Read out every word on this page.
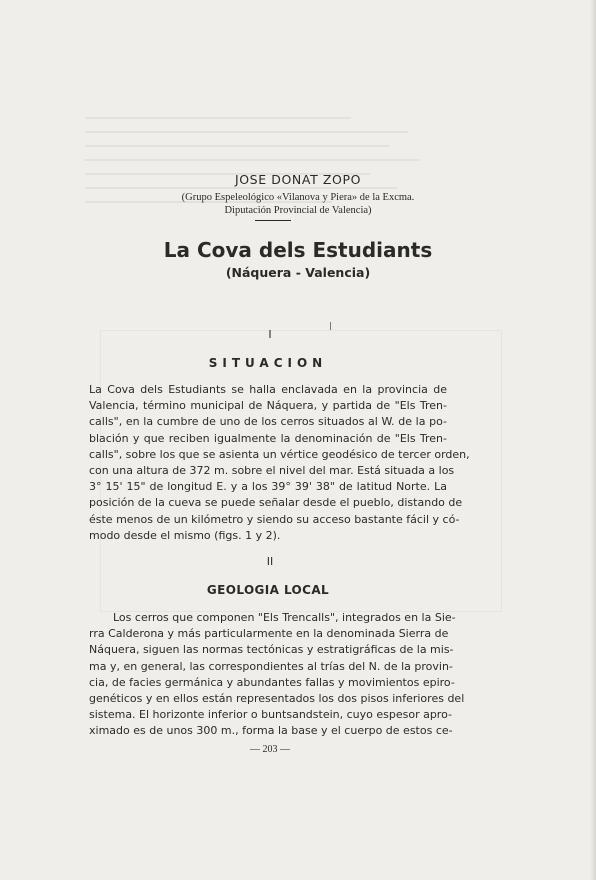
JOSE DONAT ZOPO

(Grupo Espeleológico «Vilanova y Piera» de la Excma.

Diputación Provincial de Valencia)

La Cova dels Estudiants
(Náquera - Valencia)

I

SITUACION
La Cova dels Estudiants se halla enclavada en la provincia de
Valencia, término municipal de Náquera, y partida de "Els Tren-
calls", en la cumbre de uno de los cerros situados al W. de la po-
blación y que reciben igualmente la denominación de "Els Tren-
calls", sobre los que se asienta un vértice geodésico de tercer orden,
con una altura de 372 m. sobre el nivel del mar. Está situada a los
3° 15' 15" de longitud E. y a los 39° 39' 38" de latitud Norte. La
posición de la cueva se puede señalar desde el pueblo, distando de
éste menos de un kilómetro y siendo su acceso bastante fácil y có-
modo desde el mismo (figs. 1 y 2).

II

GEOLOGIA LOCAL
Los cerros que componen "Els Trencalls", integrados en la Sie-
rra Calderona y más particularmente en la denominada Sierra de
Náquera, siguen las normas tectónicas y estratigráficas de la mis-
ma y, en general, las correspondientes al trías del N. de la provin-
cia, de facies germánica y abundantes fallas y movimientos epiro-
genéticos y en ellos están representados los dos pisos inferiores del
sistema. El horizonte inferior o buntsandstein, cuyo espesor apro-
ximado es de unos 300 m., forma la base y el cuerpo de estos ce-

— 203 —
